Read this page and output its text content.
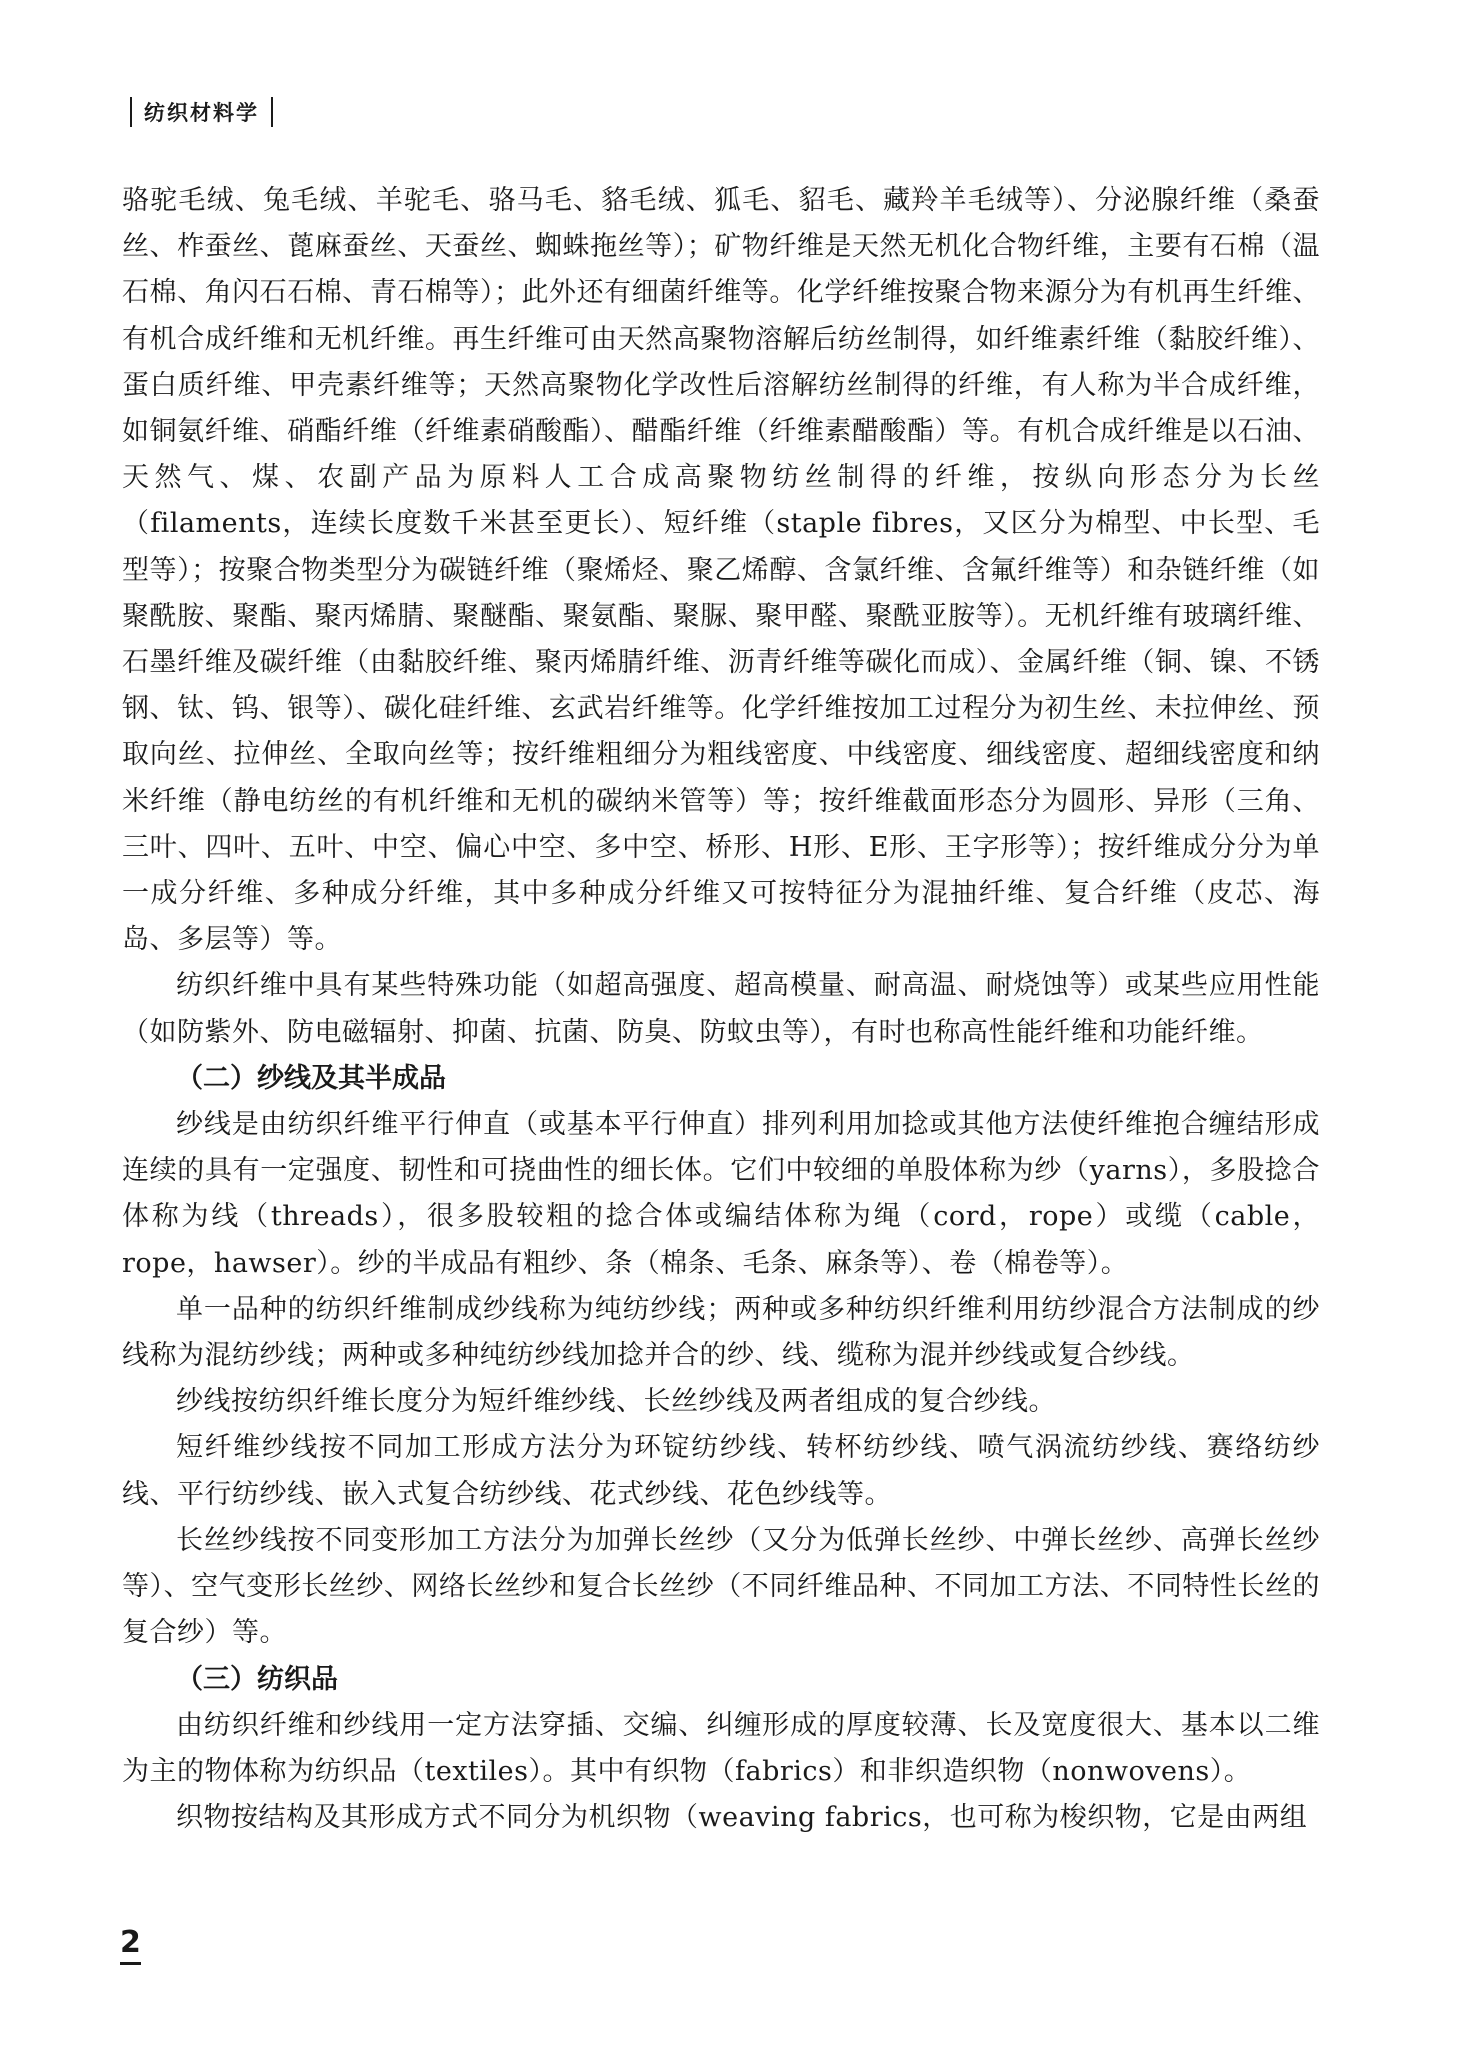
纺织材料学

骆驼毛绒、兔毛绒、羊驼毛、骆马毛、貉毛绒、狐毛、貂毛、藏羚羊毛绒等）、分泌腺纤维（桑蚕丝、柞蚕丝、蓖麻蚕丝、天蚕丝、蜘蛛拖丝等）；矿物纤维是天然无机化合物纤维，主要有石棉（温石棉、角闪石石棉、青石棉等）；此外还有细菌纤维等。化学纤维按聚合物来源分为有机再生纤维、有机合成纤维和无机纤维。再生纤维可由天然高聚物溶解后纺丝制得，如纤维素纤维（黏胶纤维）、蛋白质纤维、甲壳素纤维等；天然高聚物化学改性后溶解纺丝制得的纤维，有人称为半合成纤维，如铜氨纤维、硝酯纤维（纤维素硝酸酯）、醋酯纤维（纤维素醋酸酯）等。有机合成纤维是以石油、天然气、煤、农副产品为原料人工合成高聚物纺丝制得的纤维，按纵向形态分为长丝（filaments，连续长度数千米甚至更长）、短纤维（staple fibres，又区分为棉型、中长型、毛型等）；按聚合物类型分为碳链纤维（聚烯烃、聚乙烯醇、含氯纤维、含氟纤维等）和杂链纤维（如聚酰胺、聚酯、聚丙烯腈、聚醚酯、聚氨酯、聚脲、聚甲醛、聚酰亚胺等）。无机纤维有玻璃纤维、石墨纤维及碳纤维（由黏胶纤维、聚丙烯腈纤维、沥青纤维等碳化而成）、金属纤维（铜、镍、不锈钢、钛、钨、银等）、碳化硅纤维、玄武岩纤维等。化学纤维按加工过程分为初生丝、未拉伸丝、预取向丝、拉伸丝、全取向丝等；按纤维粗细分为粗线密度、中线密度、细线密度、超细线密度和纳米纤维（静电纺丝的有机纤维和无机的碳纳米管等）等；按纤维截面形态分为圆形、异形（三角、三叶、四叶、五叶、中空、偏心中空、多中空、桥形、H形、E形、王字形等）；按纤维成分分为单一成分纤维、多种成分纤维，其中多种成分纤维又可按特征分为混抽纤维、复合纤维（皮芯、海岛、多层等）等。

纺织纤维中具有某些特殊功能（如超高强度、超高模量、耐高温、耐烧蚀等）或某些应用性能（如防紫外、防电磁辐射、抑菌、抗菌、防臭、防蚊虫等），有时也称高性能纤维和功能纤维。

（二）纱线及其半成品

纱线是由纺织纤维平行伸直（或基本平行伸直）排列利用加捻或其他方法使纤维抱合缠结形成连续的具有一定强度、韧性和可挠曲性的细长体。它们中较细的单股体称为纱（yarns），多股捻合体称为线（threads），很多股较粗的捻合体或编结体称为绳（cord，rope）或缆（cable，rope，hawser）。纱的半成品有粗纱、条（棉条、毛条、麻条等）、卷（棉卷等）。

单一品种的纺织纤维制成纱线称为纯纺纱线；两种或多种纺织纤维利用纺纱混合方法制成的纱线称为混纺纱线；两种或多种纯纺纱线加捻并合的纱、线、缆称为混并纱线或复合纱线。

纱线按纺织纤维长度分为短纤维纱线、长丝纱线及两者组成的复合纱线。

短纤维纱线按不同加工形成方法分为环锭纺纱线、转杯纺纱线、喷气涡流纺纱线、赛络纺纱线、平行纺纱线、嵌入式复合纺纱线、花式纱线、花色纱线等。

长丝纱线按不同变形加工方法分为加弹长丝纱（又分为低弹长丝纱、中弹长丝纱、高弹长丝纱等）、空气变形长丝纱、网络长丝纱和复合长丝纱（不同纤维品种、不同加工方法、不同特性长丝的复合纱）等。

（三）纺织品

由纺织纤维和纱线用一定方法穿插、交编、纠缠形成的厚度较薄、长及宽度很大、基本以二维为主的物体称为纺织品（textiles）。其中有织物（fabrics）和非织造织物（nonwovens）。

织物按结构及其形成方式不同分为机织物（weaving fabrics，也可称为梭织物，它是由两组

2
